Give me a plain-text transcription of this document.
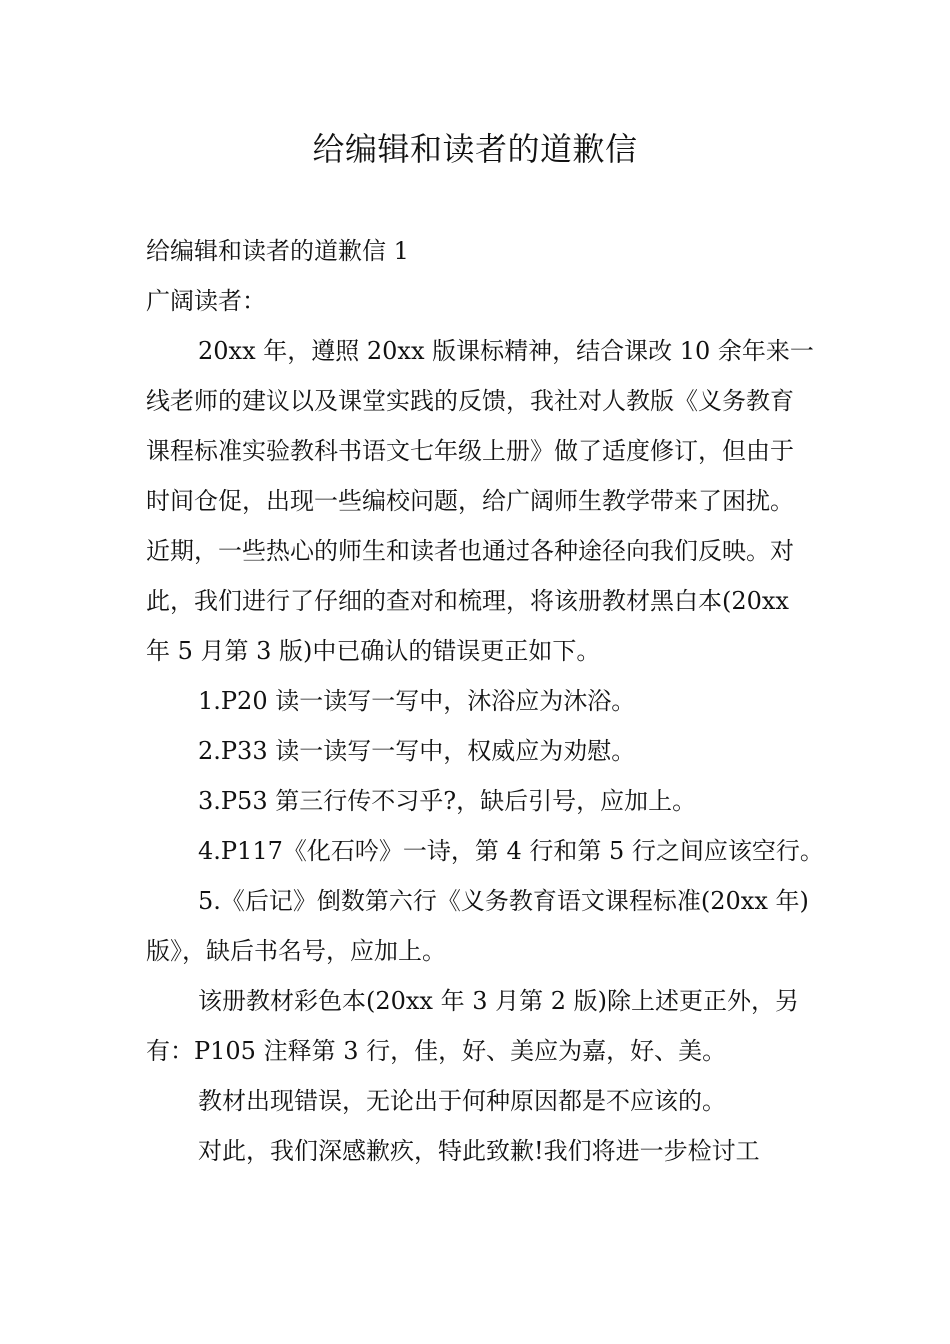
给编辑和读者的道歉信

给编辑和读者的道歉信 1

广阔读者：

20xx 年，遵照 20xx 版课标精神，结合课改 10 余年来一线老师的建议以及课堂实践的反馈，我社对人教版《义务教育课程标准实验教科书语文七年级上册》做了适度修订，但由于时间仓促，出现一些编校问题，给广阔师生教学带来了困扰。近期，一些热心的师生和读者也通过各种途径向我们反映。对此，我们进行了仔细的查对和梳理，将该册教材黑白本(20xx 年 5 月第 3 版)中已确认的错误更正如下。

1.P20 读一读写一写中，沐浴应为沐浴。

2.P33 读一读写一写中，权威应为劝慰。

3.P53 第三行传不习乎?，缺后引号，应加上。

4.P117《化石吟》一诗，第 4 行和第 5 行之间应该空行。

5.《后记》倒数第六行《义务教育语文课程标准(20xx 年)版》，缺后书名号，应加上。

该册教材彩色本(20xx 年 3 月第 2 版)除上述更正外，另有：P105 注释第 3 行，佳，好、美应为嘉，好、美。

教材出现错误，无论出于何种原因都是不应该的。

对此，我们深感歉疚，特此致歉!我们将进一步检讨工
